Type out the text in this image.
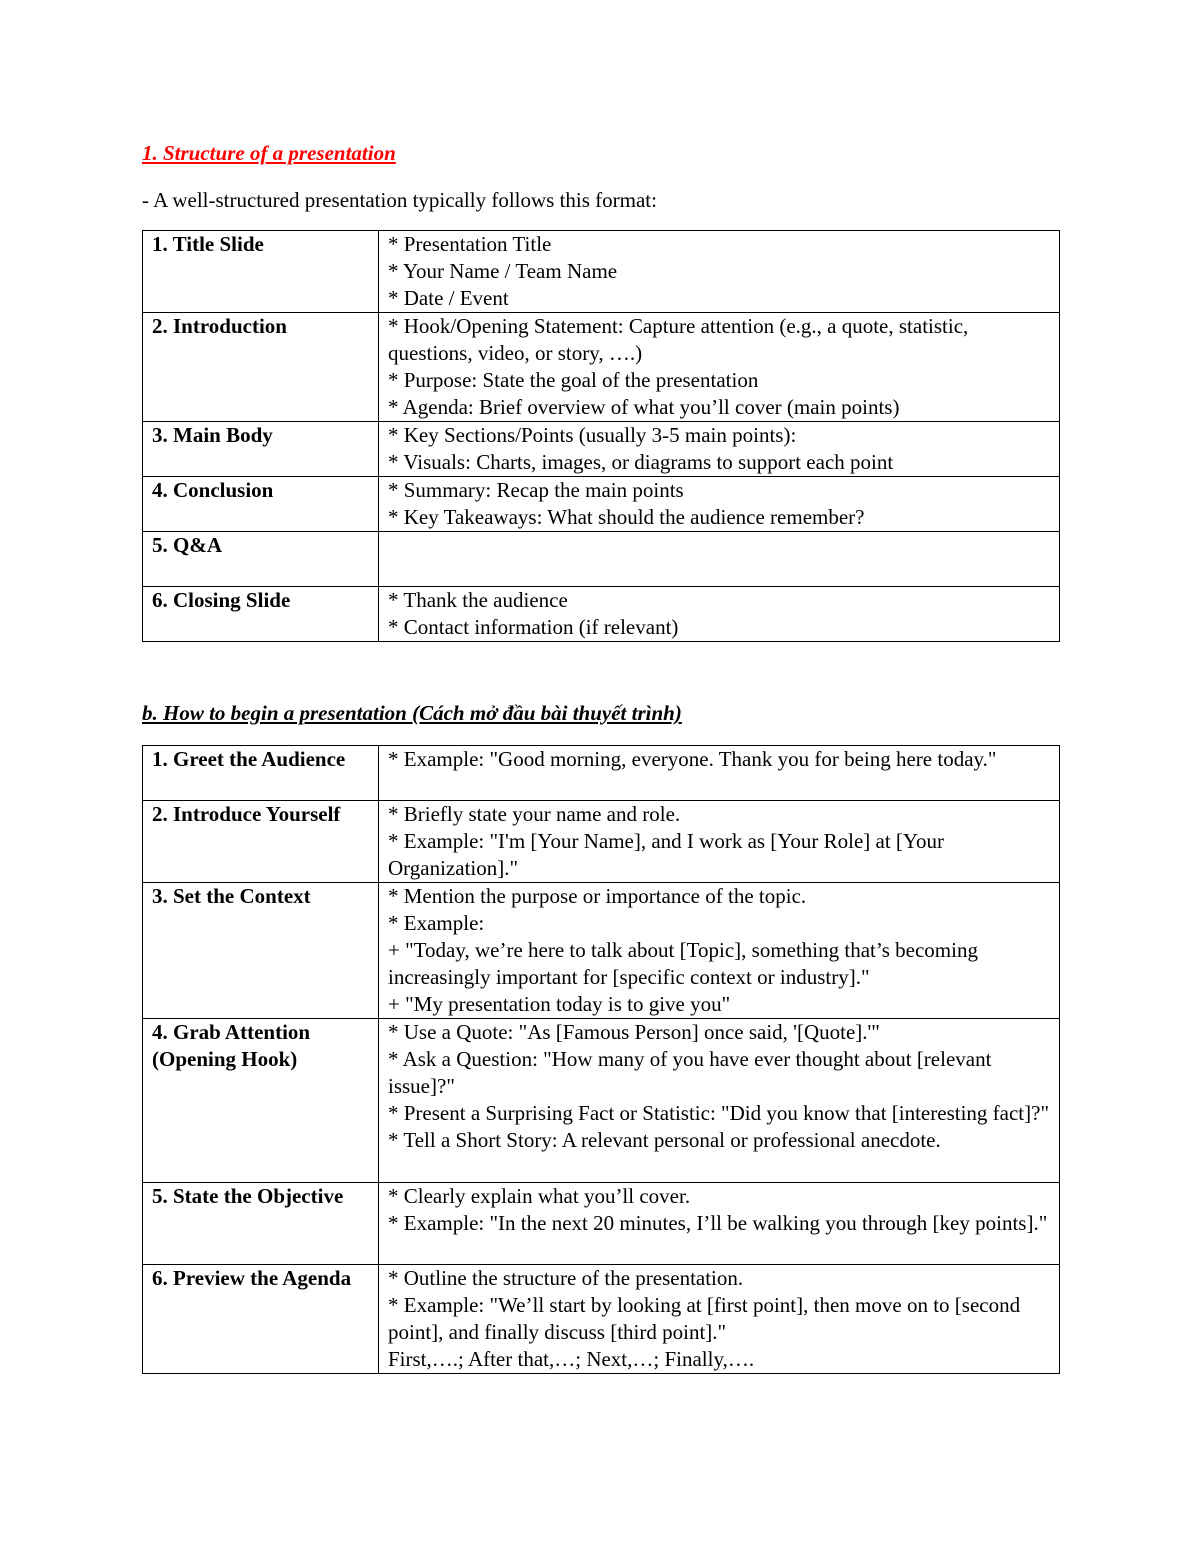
1. Structure of a presentation

- A well-structured presentation typically follows this format:

1. Title Slide	* Presentation Title
* Your Name / Team Name
* Date / Event

2. Introduction	* Hook/Opening Statement: Capture attention (e.g., a quote, statistic, questions, video, or story, ….)
* Purpose: State the goal of the presentation
* Agenda: Brief overview of what you’ll cover (main points)

3. Main Body	* Key Sections/Points (usually 3-5 main points):
* Visuals: Charts, images, or diagrams to support each point

4. Conclusion	* Summary: Recap the main points
* Key Takeaways: What should the audience remember?

5. Q&A	
6. Closing Slide	* Thank the audience
* Contact information (if relevant)

b. How to begin a presentation (Cách mở đầu bài thuyết trình)

1. Greet the Audience	* Example: "Good morning, everyone. Thank you for being here today."

2. Introduce Yourself	* Briefly state your name and role.
* Example: "I'm [Your Name], and I work as [Your Role] at [Your Organization]."

3. Set the Context	* Mention the purpose or importance of the topic.
* Example:
+ "Today, we’re here to talk about [Topic], something that’s becoming increasingly important for [specific context or industry]."
+ "My presentation today is to give you"

4. Grab Attention (Opening Hook)	* Use a Quote: "As [Famous Person] once said, '[Quote].'"
* Ask a Question: "How many of you have ever thought about [relevant issue]?"
* Present a Surprising Fact or Statistic: "Did you know that [interesting fact]?"
* Tell a Short Story: A relevant personal or professional anecdote.

5. State the Objective	* Clearly explain what you’ll cover.
* Example: "In the next 20 minutes, I’ll be walking you through [key points]."

6. Preview the Agenda	* Outline the structure of the presentation.
* Example: "We’ll start by looking at [first point], then move on to [second point], and finally discuss [third point]."
First,….; After that,…; Next,…; Finally,….
